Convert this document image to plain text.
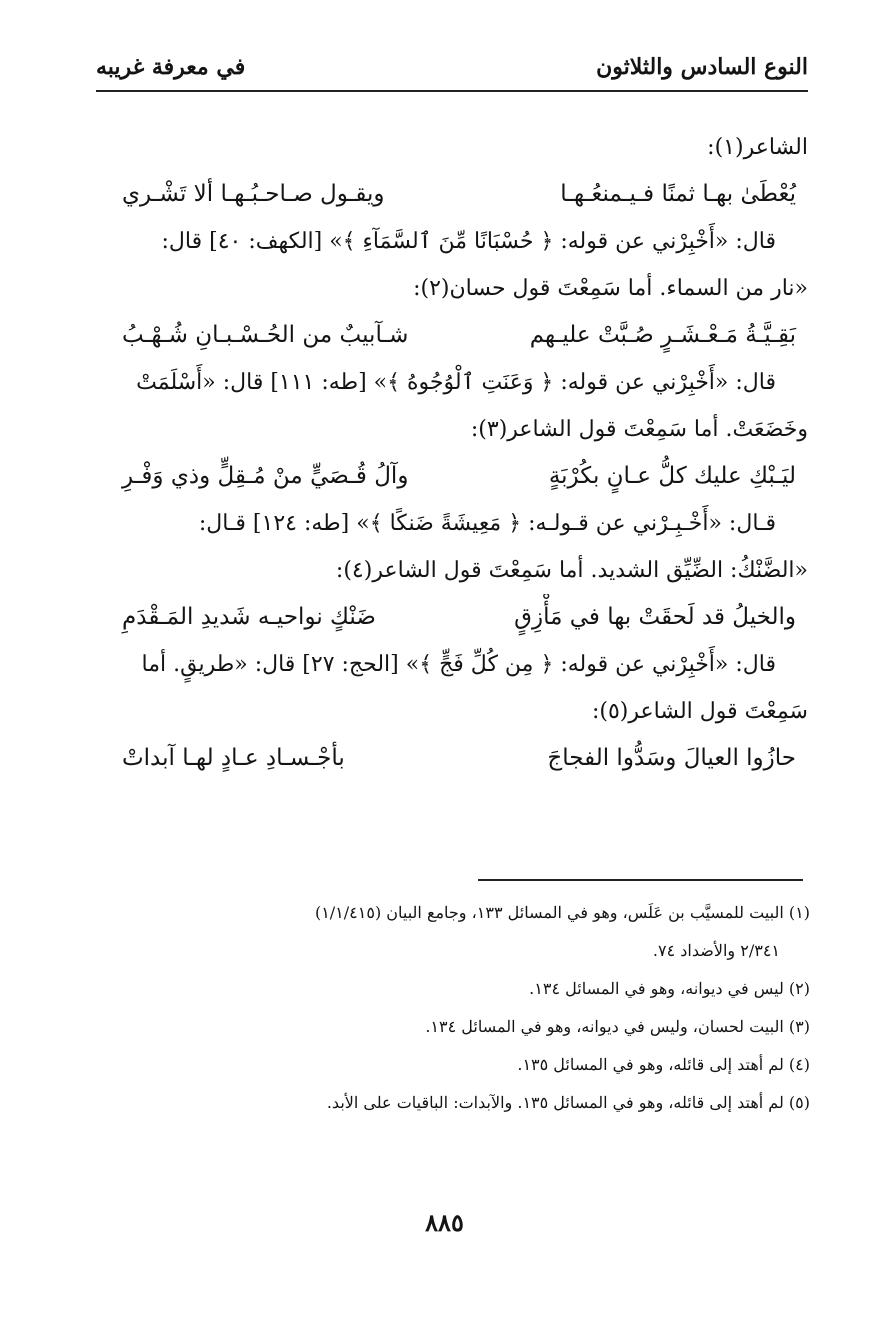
النوع السادس والثلاثون
في معرفة غريبه
الشاعر(١):
يُعْطَىٰ بهـا ثمنًا فـيـمنعُـهـا
ويقـول صـاحـبُـهـا ألا تَشْـري
قال: «أَخْبِرْني عن قوله: ﴿ حُسْبَانًا مِّنَ ٱلسَّمَآءِ ﴾» [الكهف: ٤٠] قال:
«نار من السماء. أما سَمِعْتَ قول حسان(٢):
بَقِـيَّـةُ مَـعْـشَـرٍ صُـبَّتْ عليـهم
شـآبيبٌ من الحُـسْـبـانِ شُـهْـبُ
قال: «أَخْبِرْني عن قوله: ﴿ وَعَنَتِ ٱلْوُجُوهُ ﴾» [طه: ١١١] قال: «أَسْلَمَتْ
وخَضَعَتْ. أما سَمِعْتَ قول الشاعر(٣):
ليَـبْكِ عليك كلُّ عـانٍ بكُرْبَةٍ
وآلُ قُـصَيٍّ منْ مُـقِلٍّ وذي وَفْـرِ
قـال: «أَخْـبِـرْني عن قـولـه: ﴿ مَعِيشَةً ضَنكًا ﴾» [طه: ١٢٤] قـال:
«الضَّنْكُ: الضِّيِّق الشديد. أما سَمِعْتَ قول الشاعر(٤):
والخيلُ قد لَحقَتْ بها في مَأْزِقٍ
ضَنْكٍ نواحيـه شَديدِ المَـقْدَمِ
قال: «أَخْبِرْني عن قوله: ﴿ مِن كُلِّ فَجٍّ ﴾» [الحج: ٢٧] قال: «طريقٍ. أما
سَمِعْتَ قول الشاعر(٥):
حازُوا العيالَ وسَدُّوا الفجاجَ
بأجْـسـادِ عـادٍ لهـا آبداتْ
(١) البيت للمسيَّب بن عَلَس، وهو في المسائل ١٣٣، وجامع البيان (١/١/٤١٥)
٢/٣٤١ والأضداد ٧٤.
(٢) ليس في ديوانه، وهو في المسائل ١٣٤.
(٣) البيت لحسان، وليس في ديوانه، وهو في المسائل ١٣٤.
(٤) لم أهتد إلى قائله، وهو في المسائل ١٣٥.
(٥) لم أهتد إلى قائله، وهو في المسائل ١٣٥. والآبدات: الباقيات على الأبد.
٨٨٥
